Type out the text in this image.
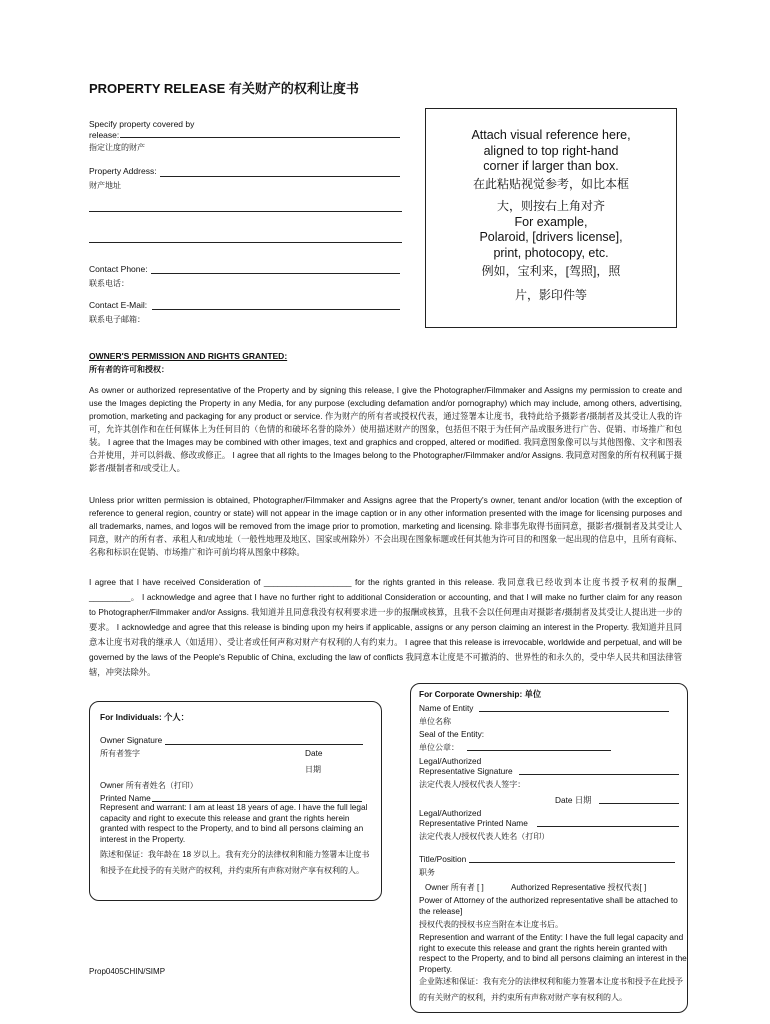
PROPERTY RELEASE 有关财产的权利让度书
Specify property covered by release:
指定让度的财产
Property Address:
财产地址
Contact Phone:
联系电话：
Contact E-Mail:
联系电子邮箱：
Attach visual reference here,
aligned to top right-hand
corner if larger than box.
在此粘贴视觉参考，如比本框
大，则按右上角对齐
For example,
Polaroid, [drivers license],
print, photocopy, etc.
例如，宝利来，[驾照]，照
片，影印件等
OWNER'S PERMISSION AND RIGHTS GRANTED:
所有者的许可和授权：
As owner or authorized representative of the Property and by signing this release, I give the Photographer/Filmmaker and Assigns my permission to create and use the Images depicting the Property in any Media, for any purpose (excluding defamation and/or pornography) which may include, among others, advertising, promotion, marketing and packaging for any product or service. 作为财产的所有者或授权代表，通过签署本让度书，我特此给予摄影者/摄制者及其受让人我的许可，允许其创作和在任何媒体上为任何目的（色情的和破坏名誉的除外）使用描述财产的图象，包括但不限于为任何产品或服务进行广告、促销、市场推广和包装。 I agree that the Images may be combined with other images, text and graphics and cropped, altered or modified. 我同意图象像可以与其他图像、文字和图表合并使用，并可以斜裁、修改或修正。 I agree that all rights to the Images belong to the Photographer/Filmmaker and/or Assigns. 我同意对图象的所有权利属于摄影者/摄制者和/或受让人。
Unless prior written permission is obtained, Photographer/Filmmaker and Assigns agree that the Property's owner, tenant and/or location (with the exception of reference to general region, country or state) will not appear in the image caption or in any other information presented with the image for licensing purposes and all trademarks, names, and logos will be removed from the image prior to promotion, marketing and licensing. 除非事先取得书面同意，摄影者/摄制者及其受让人同意，财产的所有者、承租人和/或地址（一般性地理及地区、国家或州除外）不会出现在图象标题或任何其他为许可目的和图象一起出现的信息中，且所有商标、名称和标识在促销、市场推广和许可前均将从图象中移除。
I agree that I have received Consideration of ___________________ for the rights granted in this release. 我同意我已经收到本让度书授予权利的报酬_ _________。 I acknowledge and agree that I have no further right to additional Consideration or accounting, and that I will make no further claim for any reason to Photographer/Filmmaker and/or Assigns. 我知道并且同意我没有权利要求进一步的报酬或核算，且我不会以任何理由对摄影者/摄制者及其受让人提出进一步的要求。 I acknowledge and agree that this release is binding upon my heirs if applicable, assigns or any person claiming an interest in the Property. 我知道并且同意本让度书对我的继承人（如适用）、受让者或任何声称对财产有权利的人有约束力。 I agree that this release is irrevocable, worldwide and perpetual, and will be governed by the laws of the People's Republic of China, excluding the law of conflicts 我同意本让度是不可撤消的、世界性的和永久的，受中华人民共和国法律管辖，冲突法除外。
For Individuals: 个人：
Owner Signature
所有者签字	Date
日期
Owner 所有者姓名（打印）
Printed Name
Represent and warrant: I am at least 18 years of age. I have the full legal capacity and right to execute this release and grant the rights herein granted with respect to the Property, and to bind all persons claiming an interest in the Property.
陈述和保证：我年龄在 18 岁以上。我有充分的法律权利和能力签署本让度书和授予在此授予的有关财产的权利，并约束所有声称对财产享有权利的人。
For Corporate Ownership: 单位
Name of Entity
单位名称
Seal of the Entity:
单位公章：
Legal/Authorized
Representative Signature
法定代表人/授权代表人签字：
Date 日期
Legal/Authorized
Representative Printed Name
法定代表人/授权代表人姓名（打印）
Title/Position
职务
Owner 所有者 [ ]	Authorized Representative 授权代表[ ]
Power of Attorney of the authorized representative shall be attached to the release]
授权代表的授权书应当附在本让度书后。
Represention and warrant of the Entity: I have the full legal capacity and right to execute this release and grant the rights herein granted with respect to the Property, and to bind all persons claiming an interest in the Property.
企业陈述和保证：我有充分的法律权利和能力签署本让度书和授予在此授予的有关财产的权利，并约束所有声称对财产享有权利的人。
Prop0405CHIN/SIMP
